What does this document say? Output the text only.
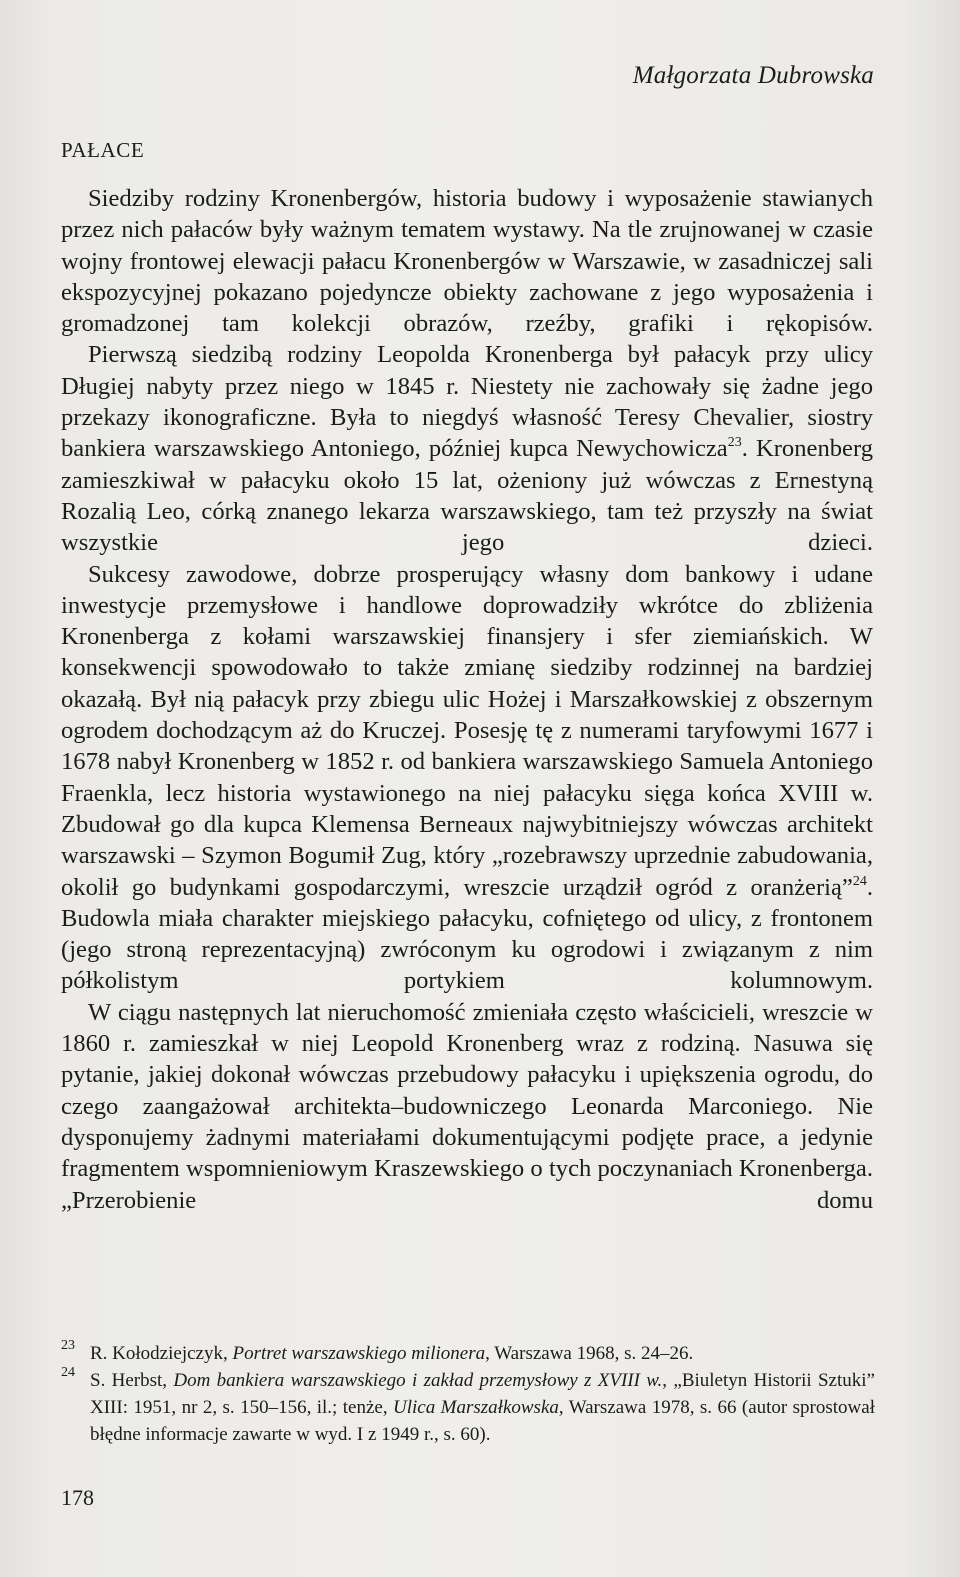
Małgorzata Dubrowska
PAŁACE

Siedziby rodziny Kronenbergów, historia budowy i wyposażenie stawianych przez nich pałaców były ważnym tematem wystawy. Na tle zrujnowanej w czasie wojny frontowej elewacji pałacu Kronenbergów w Warszawie, w zasadniczej sali ekspozycyjnej pokazano pojedyncze obiekty zachowane z jego wyposażenia i gromadzonej tam kolekcji obrazów, rzeźby, grafiki i rękopisów.

Pierwszą siedzibą rodziny Leopolda Kronenberga był pałacyk przy ulicy Długiej nabyty przez niego w 1845 r. Niestety nie zachowały się żadne jego przekazy ikonograficzne. Była to niegdyś własność Teresy Chevalier, siostry bankiera warszawskiego Antoniego, później kupca Newychowicza$^{23}$. Kronenberg zamieszkiwał w pałacyku około 15 lat, ożeniony już wówczas z Ernestyną Rozalią Leo, córką znanego lekarza warszawskiego, tam też przyszły na świat wszystkie jego dzieci.

Sukcesy zawodowe, dobrze prosperujący własny dom bankowy i udane inwestycje przemysłowe i handlowe doprowadziły wkrótce do zbliżenia Kronenberga z kołami warszawskiej finansjery i sfer ziemiańskich. W konsekwencji spowodowało to także zmianę siedziby rodzinnej na bardziej okazałą. Był nią pałacyk przy zbiegu ulic Hożej i Marszałkowskiej z obszernym ogrodem dochodzącym aż do Kruczej. Posesję tę z numerami taryfowymi 1677 i 1678 nabył Kronenberg w 1852 r. od bankiera warszawskiego Samuela Antoniego Fraenkla, lecz historia wystawionego na niej pałacyku sięga końca XVIII w. Zbudował go dla kupca Klemensa Berneaux najwybitniejszy wówczas architekt warszawski – Szymon Bogumił Zug, który „rozebrawszy uprzednie zabudowania, okolił go budynkami gospodarczymi, wreszcie urządził ogród z oranżerią”$^{24}$. Budowla miała charakter miejskiego pałacyku, cofniętego od ulicy, z frontonem (jego stroną reprezentacyjną) zwróconym ku ogrodowi i związanym z nim półkolistym portykiem kolumnowym.

W ciągu następnych lat nieruchomość zmieniała często właścicieli, wreszcie w 1860 r. zamieszkał w niej Leopold Kronenberg wraz z rodziną. Nasuwa się pytanie, jakiej dokonał wówczas przebudowy pałacyku i upiększenia ogrodu, do czego zaangażował architekta–budowniczego Leonarda Marconiego. Nie dysponujemy żadnymi materiałami dokumentującymi podjęte prace, a jedynie fragmentem wspomnieniowym Kraszewskiego o tych poczynaniach Kronenberga. „Przerobienie domu

23 R. Kołodziejczyk, Portret warszawskiego milionera, Warszawa 1968, s. 24–26.
24 S. Herbst, Dom bankiera warszawskiego i zakład przemysłowy z XVIII w., „Biuletyn Historii Sztuki” XIII: 1951, nr 2, s. 150–156, il.; tenże, Ulica Marszałkowska, Warszawa 1978, s. 66 (autor sprostował błędne informacje zawarte w wyd. I z 1949 r., s. 60).
178
